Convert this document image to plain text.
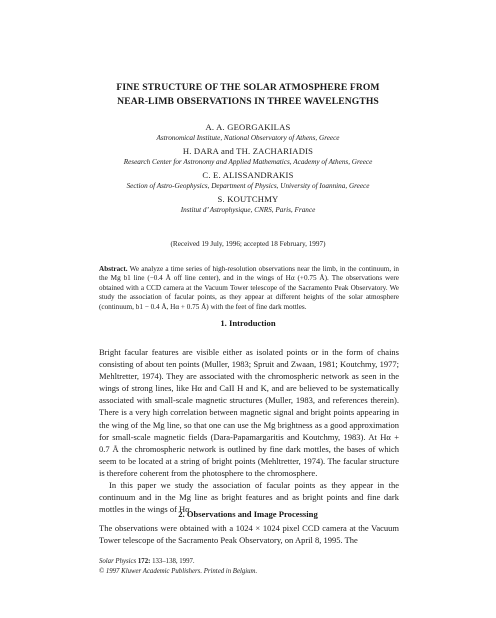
FINE STRUCTURE OF THE SOLAR ATMOSPHERE FROM
NEAR-LIMB OBSERVATIONS IN THREE WAVELENGTHS
A. A. GEORGAKILAS
Astronomical Institute, National Observatory of Athens, Greece
H. DARA and TH. ZACHARIADIS
Research Center for Astronomy and Applied Mathematics, Academy of Athens, Greece
C. E. ALISSANDRAKIS
Section of Astro-Geophysics, Department of Physics, University of Ioannina, Greece
S. KOUTCHMY
Institut d’ Astrophysique, CNRS, Paris, France
(Received 19 July, 1996; accepted 18 February, 1997)
Abstract. We analyze a time series of high-resolution observations near the limb, in the continuum, in the Mg b1 line (−0.4 Å off line center), and in the wings of Hα (+0.75 Å). The observations were obtained with a CCD camera at the Vacuum Tower telescope of the Sacramento Peak Observatory. We study the association of facular points, as they appear at different heights of the solar atmosphere (continuum, b1 − 0.4 Å, Hα + 0.75 Å) with the feet of fine dark mottles.
1. Introduction

Bright facular features are visible either as isolated points or in the form of chains consisting of about ten points (Muller, 1983; Spruit and Zwaan, 1981; Koutchmy, 1977; Mehltretter, 1974). They are associated with the chromospheric network as seen in the wings of strong lines, like Hα and CaII H and K, and are believed to be systematically associated with small-scale magnetic structures (Muller, 1983, and references therein). There is a very high correlation between magnetic signal and bright points appearing in the wing of the Mg line, so that one can use the Mg brightness as a good approximation for small-scale magnetic fields (Dara-Papamargaritis and Koutchmy, 1983). At Hα + 0.7 Å the chromospheric network is outlined by fine dark mottles, the bases of which seem to be located at a string of bright points (Mehltretter, 1974). The facular structure is therefore coherent from the photosphere to the chromosphere.

In this paper we study the association of facular points as they appear in the continuum and in the Mg line as bright features and as bright points and fine dark mottles in the wings of Hα.

2. Observations and Image Processing

The observations were obtained with a 1024 × 1024 pixel CCD camera at the Vacuum Tower telescope of the Sacramento Peak Observatory, on April 8, 1995. The

Solar Physics 172: 133–138, 1997.
© 1997 Kluwer Academic Publishers. Printed in Belgium.
